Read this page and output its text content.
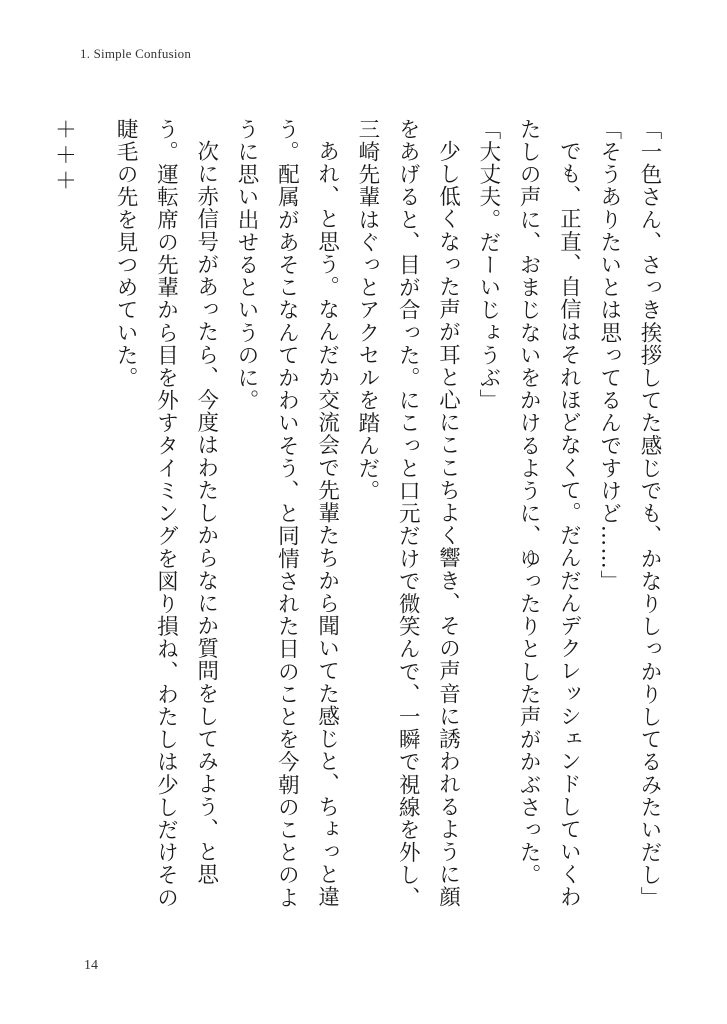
1. Simple Confusion

「一色さん、さっき挨拶してた感じでも、かなりしっかりしてるみたいだし」

「そうありたいとは思ってるんですけど……」

でも、正直、自信はそれほどなくて。だんだんデクレッシェンドしていくわたしの声に、おまじないをかけるように、ゆったりとした声がかぶさった。

「大丈夫。だーいじょうぶ」

少し低くなった声が耳と心にここちよく響き、その声音に誘われるように顔をあげると、目が合った。にこっと口元だけで微笑んで、一瞬で視線を外し、三崎先輩はぐっとアクセルを踏んだ。

あれ、と思う。なんだか交流会で先輩たちから聞いてた感じと、ちょっと違う。配属があそこなんてかわいそう、と同情された日のことを今朝のことのように思い出せるというのに。

次に赤信号があったら、今度はわたしからなにか質問をしてみよう、と思う。運転席の先輩から目を外すタイミングを図り損ね、わたしは少しだけその睫毛の先を見つめていた。

＋＋＋

14
